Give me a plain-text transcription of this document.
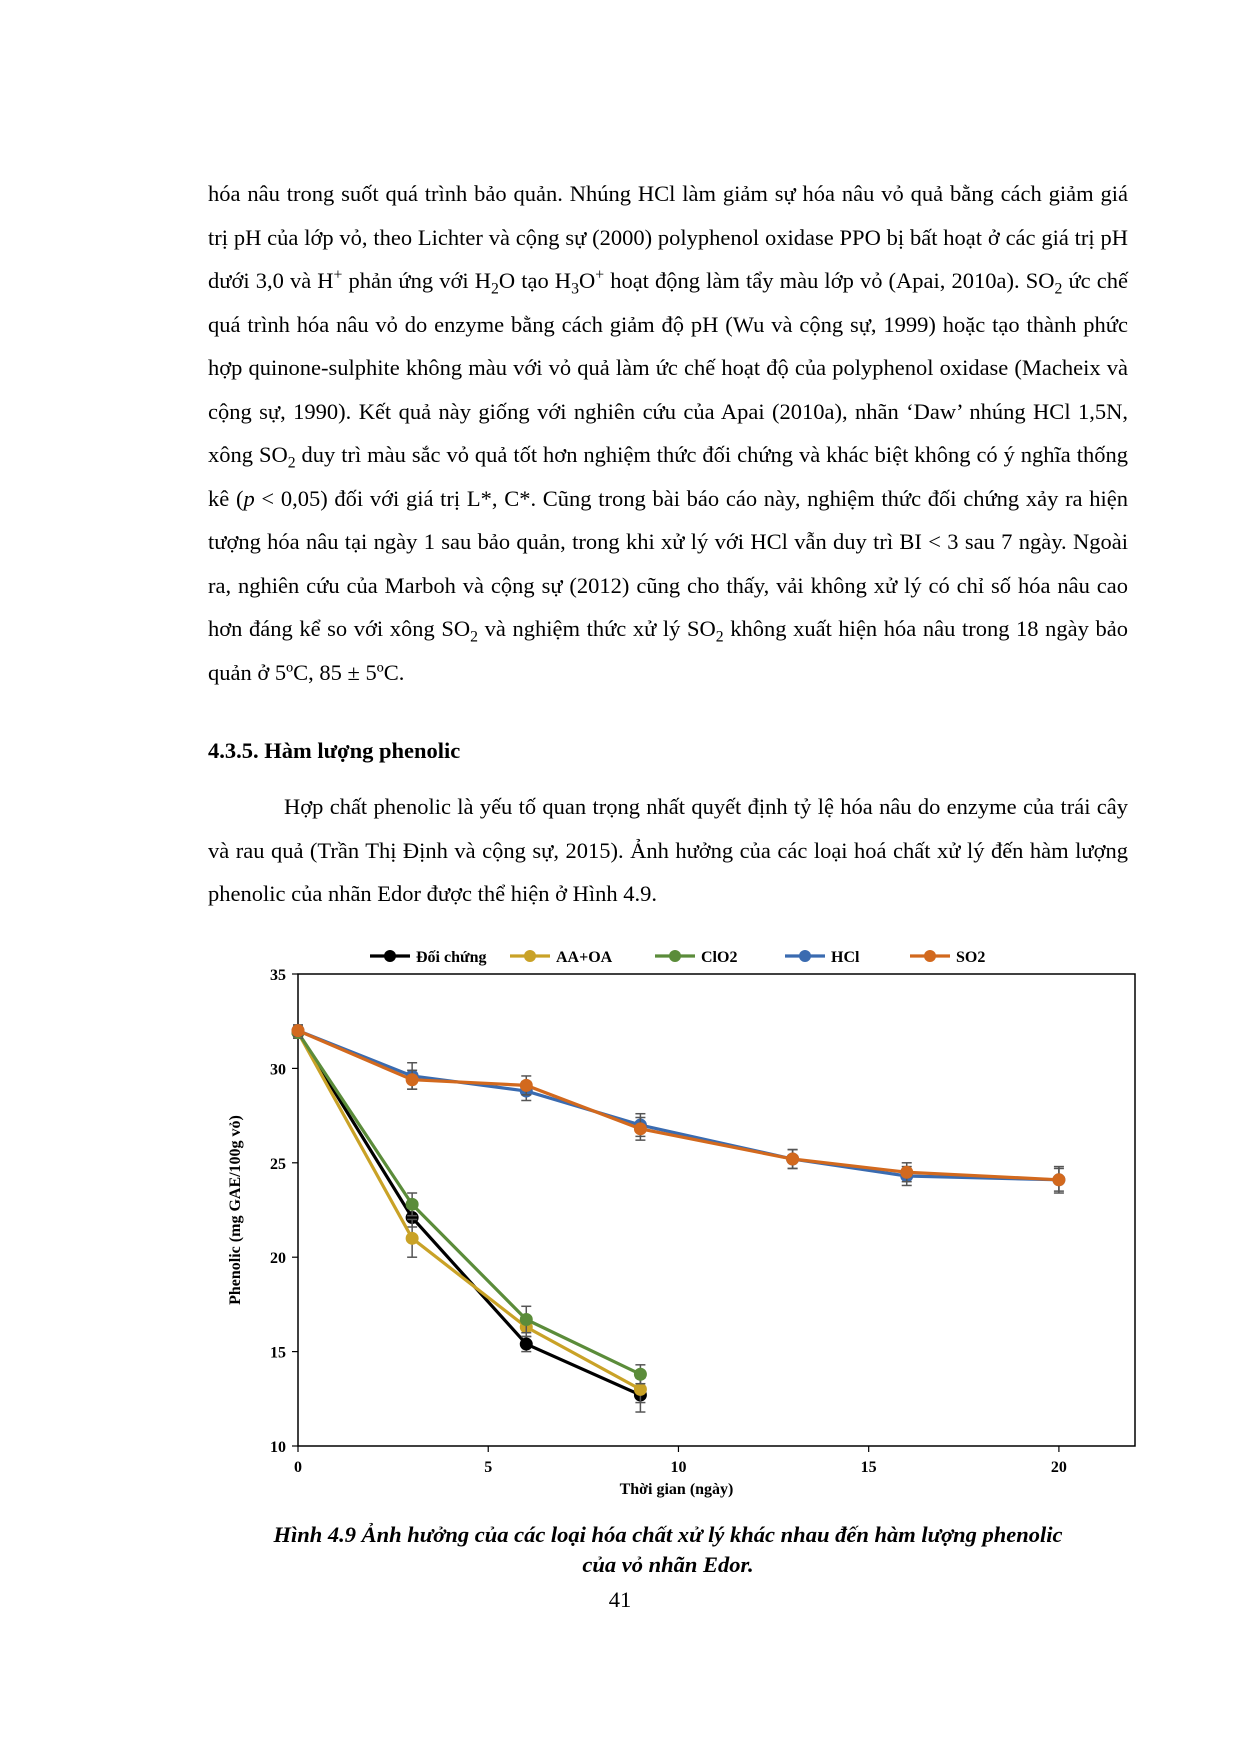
hóa nâu trong suốt quá trình bảo quản. Nhúng HCl làm giảm sự hóa nâu vỏ quả bằng cách giảm giá trị pH của lớp vỏ, theo Lichter và cộng sự (2000) polyphenol oxidase PPO bị bất hoạt ở các giá trị pH dưới 3,0 và H+ phản ứng với $H_2O$ tạo $H_3O^+$ hoạt động làm tẩy màu lớp vỏ (Apai, 2010a). $SO_2$ ức chế quá trình hóa nâu vỏ do enzyme bằng cách giảm độ pH (Wu và cộng sự, 1999) hoặc tạo thành phức hợp quinone-sulphite không màu với vỏ quả làm ức chế hoạt độ của polyphenol oxidase (Macheix và cộng sự, 1990). Kết quả này giống với nghiên cứu của Apai (2010a), nhãn ‘Daw’ nhúng HCl 1,5N, xông $SO_2$ duy trì màu sắc vỏ quả tốt hơn nghiệm thức đối chứng và khác biệt không có ý nghĩa thống kê (p < 0,05) đối với giá trị L*, C*. Cũng trong bài báo cáo này, nghiệm thức đối chứng xảy ra hiện tượng hóa nâu tại ngày 1 sau bảo quản, trong khi xử lý với HCl vẫn duy trì BI < 3 sau 7 ngày. Ngoài ra, nghiên cứu của Marboh và cộng sự (2012) cũng cho thấy, vải không xử lý có chỉ số hóa nâu cao hơn đáng kể so với xông $SO_2$ và nghiệm thức xử lý $SO_2$ không xuất hiện hóa nâu trong 18 ngày bảo quản ở 5ºC, 85 ± 5ºC.

4.3.5. Hàm lượng phenolic

Hợp chất phenolic là yếu tố quan trọng nhất quyết định tỷ lệ hóa nâu do enzyme của trái cây và rau quả (Trần Thị Định và cộng sự, 2015). Ảnh hưởng của các loại hoá chất xử lý đến hàm lượng phenolic của nhãn Edor được thể hiện ở Hình 4.9.

10
15
20
25
30
35
0	5	10	15	20
Thời gian (ngày)
Phenolic (mg GAE/100g vỏ)
Đối chứng	AA+OA	ClO2	HCl	SO2

Hình 4.9 Ảnh hưởng của các loại hóa chất xử lý khác nhau đến hàm lượng phenolic
của vỏ nhãn Edor.

41
